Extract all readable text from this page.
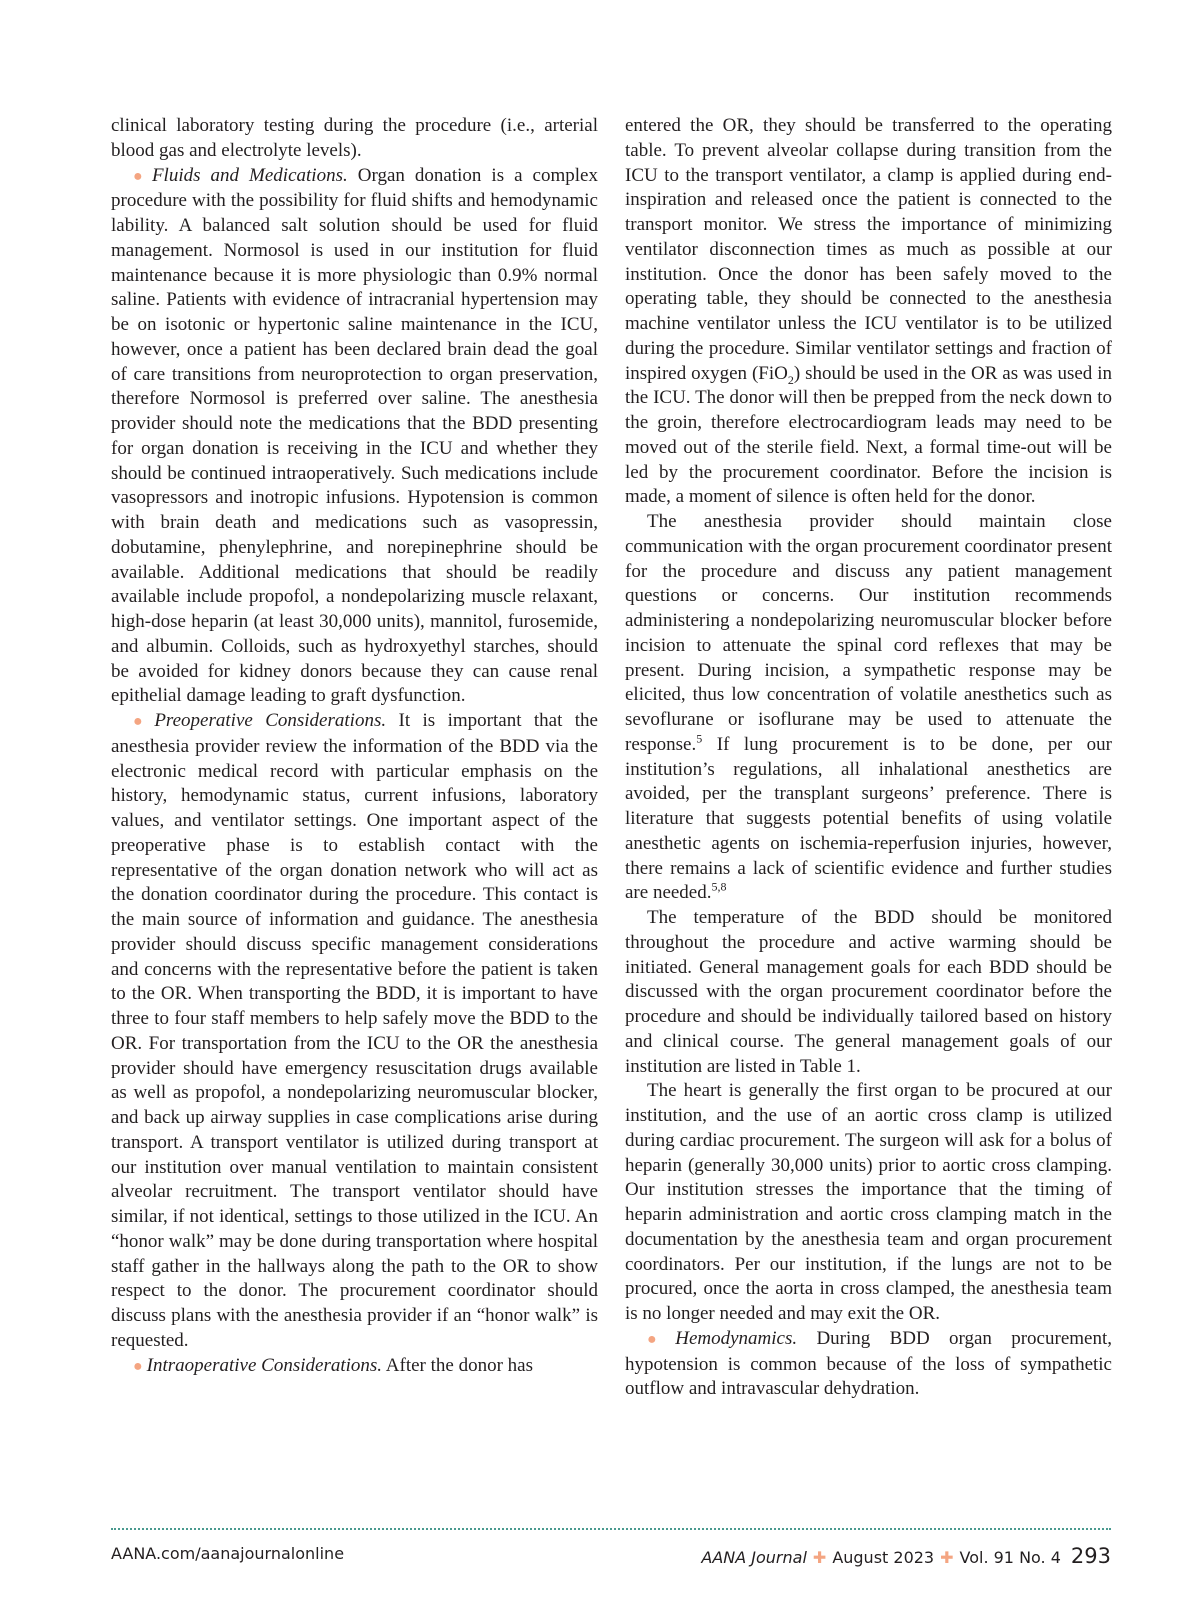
clinical laboratory testing during the procedure (i.e., arterial blood gas and electrolyte levels).

● Fluids and Medications. Organ donation is a complex procedure with the possibility for fluid shifts and hemodynamic lability. A balanced salt solution should be used for fluid management. Normosol is used in our institution for fluid maintenance because it is more physiologic than 0.9% normal saline. Patients with evidence of intracranial hypertension may be on isotonic or hypertonic saline maintenance in the ICU, however, once a patient has been declared brain dead the goal of care transitions from neuroprotection to organ preservation, therefore Normosol is preferred over saline. The anesthesia provider should note the medications that the BDD presenting for organ donation is receiving in the ICU and whether they should be continued intraoperatively. Such medications include vasopressors and inotropic infusions. Hypotension is common with brain death and medications such as vasopressin, dobutamine, phenylephrine, and norepinephrine should be available. Additional medications that should be readily available include propofol, a nondepolarizing muscle relaxant, high-dose heparin (at least 30,000 units), mannitol, furosemide, and albumin. Colloids, such as hydroxyethyl starches, should be avoided for kidney donors because they can cause renal epithelial damage leading to graft dysfunction.

● Preoperative Considerations. It is important that the anesthesia provider review the information of the BDD via the electronic medical record with particular emphasis on the history, hemodynamic status, current infusions, laboratory values, and ventilator settings. One important aspect of the preoperative phase is to establish contact with the representative of the organ donation network who will act as the donation coordinator during the procedure. This contact is the main source of information and guidance. The anesthesia provider should discuss specific management considerations and concerns with the representative before the patient is taken to the OR. When transporting the BDD, it is important to have three to four staff members to help safely move the BDD to the OR. For transportation from the ICU to the OR the anesthesia provider should have emergency resuscitation drugs available as well as propofol, a nondepolarizing neuromuscular blocker, and back up airway supplies in case complications arise during transport. A transport ventilator is utilized during transport at our institution over manual ventilation to maintain consistent alveolar recruitment. The transport ventilator should have similar, if not identical, settings to those utilized in the ICU. An “honor walk” may be done during transportation where hospital staff gather in the hallways along the path to the OR to show respect to the donor. The procurement coordinator should discuss plans with the anesthesia provider if an “honor walk” is requested.

● Intraoperative Considerations. After the donor has

entered the OR, they should be transferred to the operating table. To prevent alveolar collapse during transition from the ICU to the transport ventilator, a clamp is applied during end-inspiration and released once the patient is connected to the transport monitor. We stress the importance of minimizing ventilator disconnection times as much as possible at our institution. Once the donor has been safely moved to the operating table, they should be connected to the anesthesia machine ventilator unless the ICU ventilator is to be utilized during the procedure. Similar ventilator settings and fraction of inspired oxygen (FiO$_2$) should be used in the OR as was used in the ICU. The donor will then be prepped from the neck down to the groin, therefore electrocardiogram leads may need to be moved out of the sterile field. Next, a formal time-out will be led by the procurement coordinator. Before the incision is made, a moment of silence is often held for the donor.

The anesthesia provider should maintain close communication with the organ procurement coordinator present for the procedure and discuss any patient management questions or concerns. Our institution recommends administering a nondepolarizing neuromuscular blocker before incision to attenuate the spinal cord reflexes that may be present. During incision, a sympathetic response may be elicited, thus low concentration of volatile anesthetics such as sevoflurane or isoflurane may be used to attenuate the response.$^5$ If lung procurement is to be done, per our institution’s regulations, all inhalational anesthetics are avoided, per the transplant surgeons’ preference. There is literature that suggests potential benefits of using volatile anesthetic agents on ischemia-reperfusion injuries, however, there remains a lack of scientific evidence and further studies are needed.$^{5,8}$

The temperature of the BDD should be monitored throughout the procedure and active warming should be initiated. General management goals for each BDD should be discussed with the organ procurement coordinator before the procedure and should be individually tailored based on history and clinical course. The general management goals of our institution are listed in Table 1.

The heart is generally the first organ to be procured at our institution, and the use of an aortic cross clamp is utilized during cardiac procurement. The surgeon will ask for a bolus of heparin (generally 30,000 units) prior to aortic cross clamping. Our institution stresses the importance that the timing of heparin administration and aortic cross clamping match in the documentation by the anesthesia team and organ procurement coordinators. Per our institution, if the lungs are not to be procured, once the aorta in cross clamped, the anesthesia team is no longer needed and may exit the OR.

● Hemodynamics. During BDD organ procurement, hypotension is common because of the loss of sympathetic outflow and intravascular dehydration.

AANA.com/aanajournalonline	AANA Journal ✚ August 2023 ✚ Vol. 91 No. 4 293
